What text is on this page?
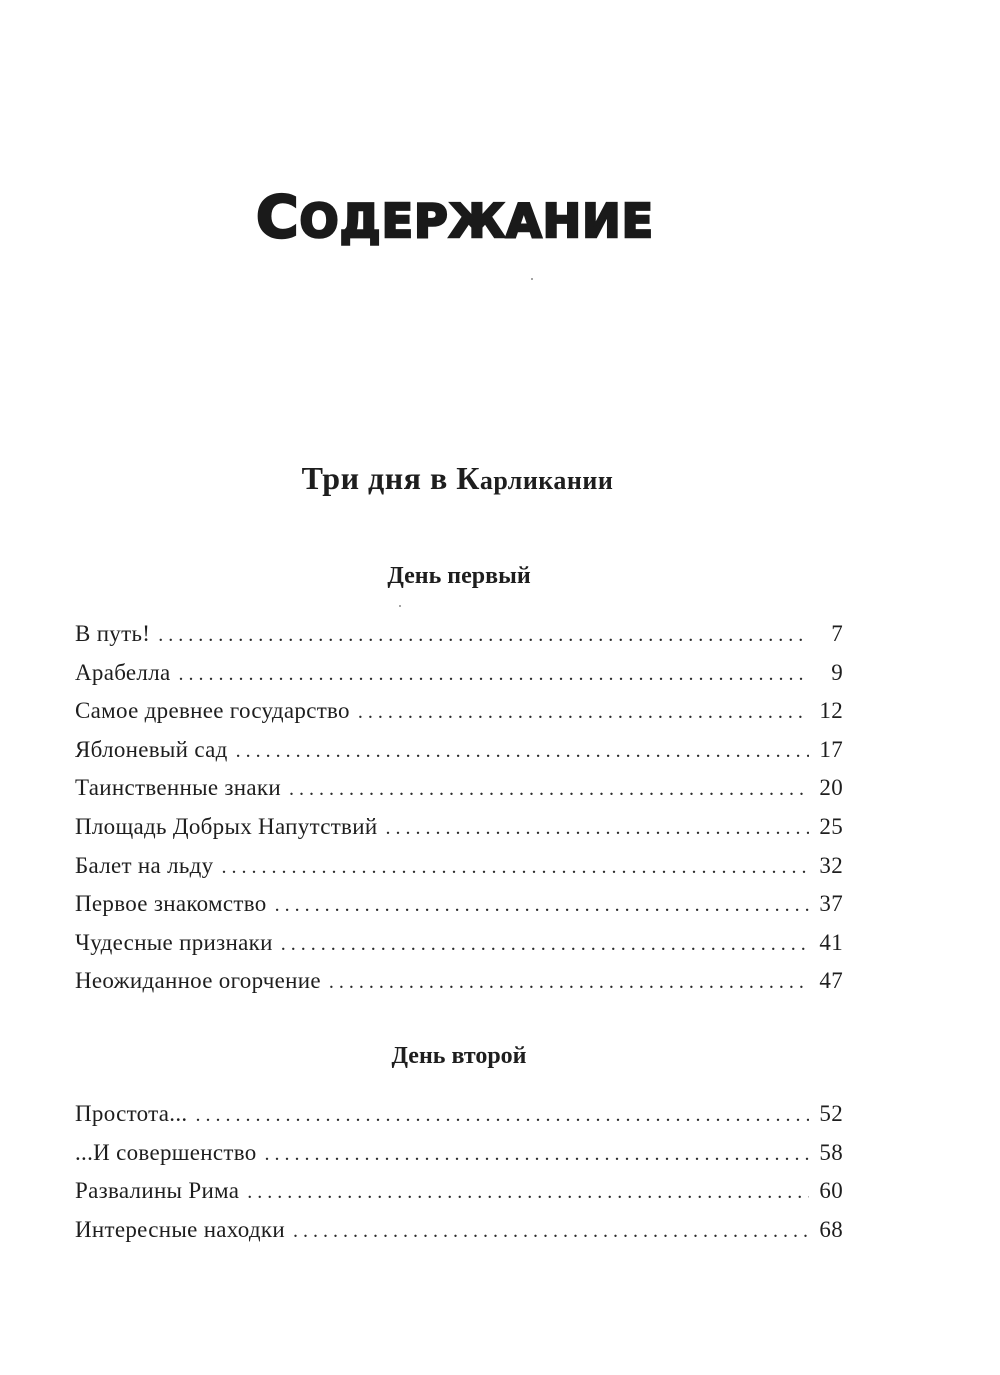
СОДЕРЖАНИЕ
Три дня в Карликании
День первый
В путь! . . .	7
Арабелла . . .	9
Самое древнее государство . . .	12
Яблоневый сад . . .	17
Таинственные знаки . . .	20
Площадь Добрых Напутствий . . .	25
Балет на льду . . .	32
Первое знакомство . . .	37
Чудесные признаки . . .	41
Неожиданное огорчение . . .	47
День второй
Простота... . . .	52
...И совершенство . . .	58
Развалины Рима . . .	60
Интересные находки . . .	68
